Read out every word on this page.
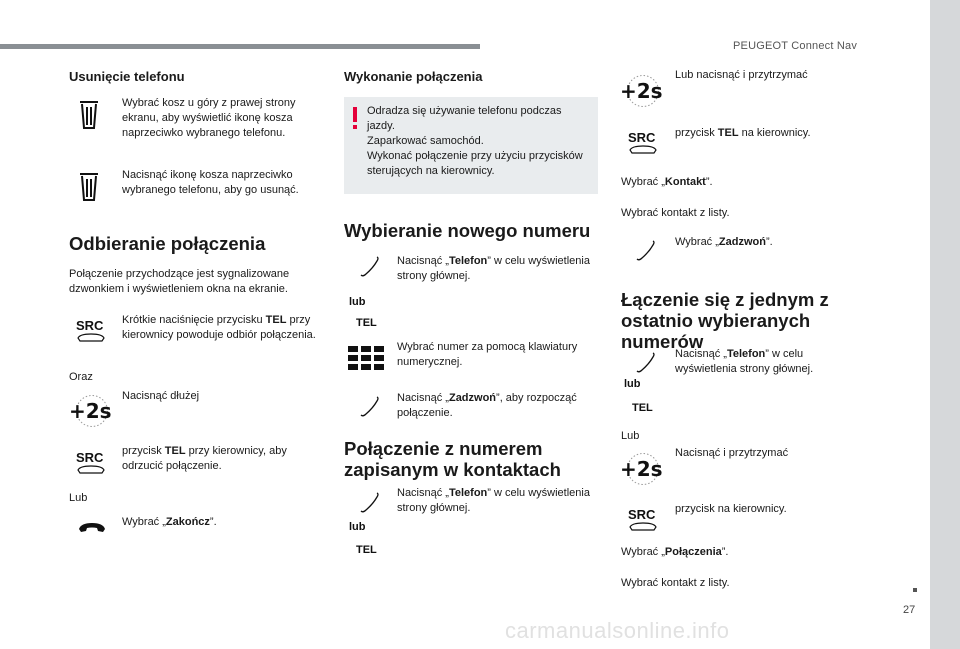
PEUGEOT Connect Nav
27
carmanualsonline.info
Usunięcie telefonu
Wybrać kosz u góry z prawej strony ekranu, aby wyświetlić ikonę kosza naprzeciwko wybranego telefonu.
Nacisnąć ikonę kosza naprzeciwko wybranego telefonu, aby go usunąć.
Odbieranie połączenia
Połączenie przychodzące jest sygnalizowane dzwonkiem i wyświetleniem okna na ekranie.
SRC Krótkie naciśnięcie przycisku TEL przy kierownicy powoduje odbiór połączenia.
Oraz
+2s
Nacisnąć dłużej
SRC przycisk TEL przy kierownicy, aby odrzucić połączenie.
Lub
Wybrać „Zakończ”.
Wykonanie połączenia
Odradza się używanie telefonu podczas jazdy.
Zaparkować samochód.
Wykonać połączenie przy użyciu przycisków sterujących na kierownicy.
Wybieranie nowego numeru
Nacisnąć „Telefon” w celu wyświetlenia strony głównej.
lub
TEL
Wybrać numer za pomocą klawiatury numerycznej.
Nacisnąć „Zadzwoń”, aby rozpocząć połączenie.
Połączenie z numerem zapisanym w kontaktach
Nacisnąć „Telefon” w celu wyświetlenia strony głównej.
lub
TEL
+2s
Lub nacisnąć i przytrzymać
SRC przycisk TEL na kierownicy.
Wybrać „Kontakt”.
Wybrać kontakt z listy.
Wybrać „Zadzwoń”.
Łączenie się z jednym z ostatnio wybieranych numerów
Nacisnąć „Telefon” w celu wyświetlenia strony głównej.
lub
TEL
Lub
+2s
Nacisnąć i przytrzymać
SRC przycisk na kierownicy.
Wybrać „Połączenia”.
Wybrać kontakt z listy.
